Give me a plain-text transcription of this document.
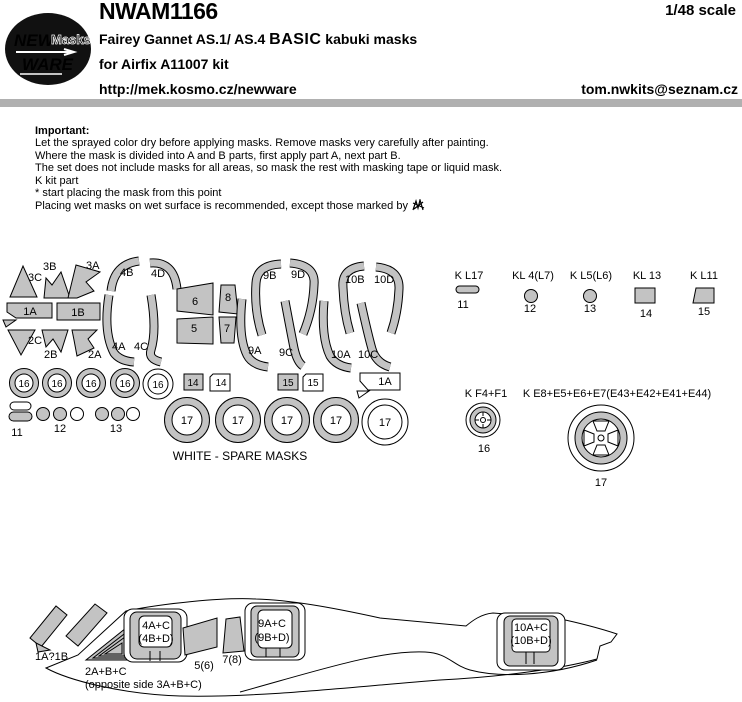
NEW
Masks
WARE
NWAM1166	1/48 scale
Fairey Gannet AS.1/ AS.4 BASIC kabuki masks
for Airfix A11007 kit
http://mek.kosmo.cz/newware	tom.nwkits@seznam.cz
Important:
Let the sprayed color dry before applying masks. Remove masks very carefully after painting.
Where the mask is divided into A and B parts, first apply part A, next part B.
The set does not include masks for all areas, so mask the rest with masking tape or liquid mask.
K kit part
* start placing the mask from this point
Placing wet masks on wet surface is recommended, except those marked by
3C
3B	3A
1A	1B
2C
2B	2A
4B 4D
4A 4C
6
5
8
7
9B 9D
9A 9C
10B 10D
10A 10C
K L17
11
KL 4(L7)
12
K L5(L6)
13
KL 13
14
K L11
15
16 16 16 16 16 14 14	15 15	1A
11	12	13
17	17	17	17	17
WHITE - SPARE MASKS
K F4+F1
16
K E8+E5+E6+E7(E43+E42+E41+E44)
17
1A?1B
2A+B+C
(opposite side 3A+B+C)
4A+C
(4B+D)
5(6) 7(8)
9A+C
(9B+D)
10A+C
(10B+D)
